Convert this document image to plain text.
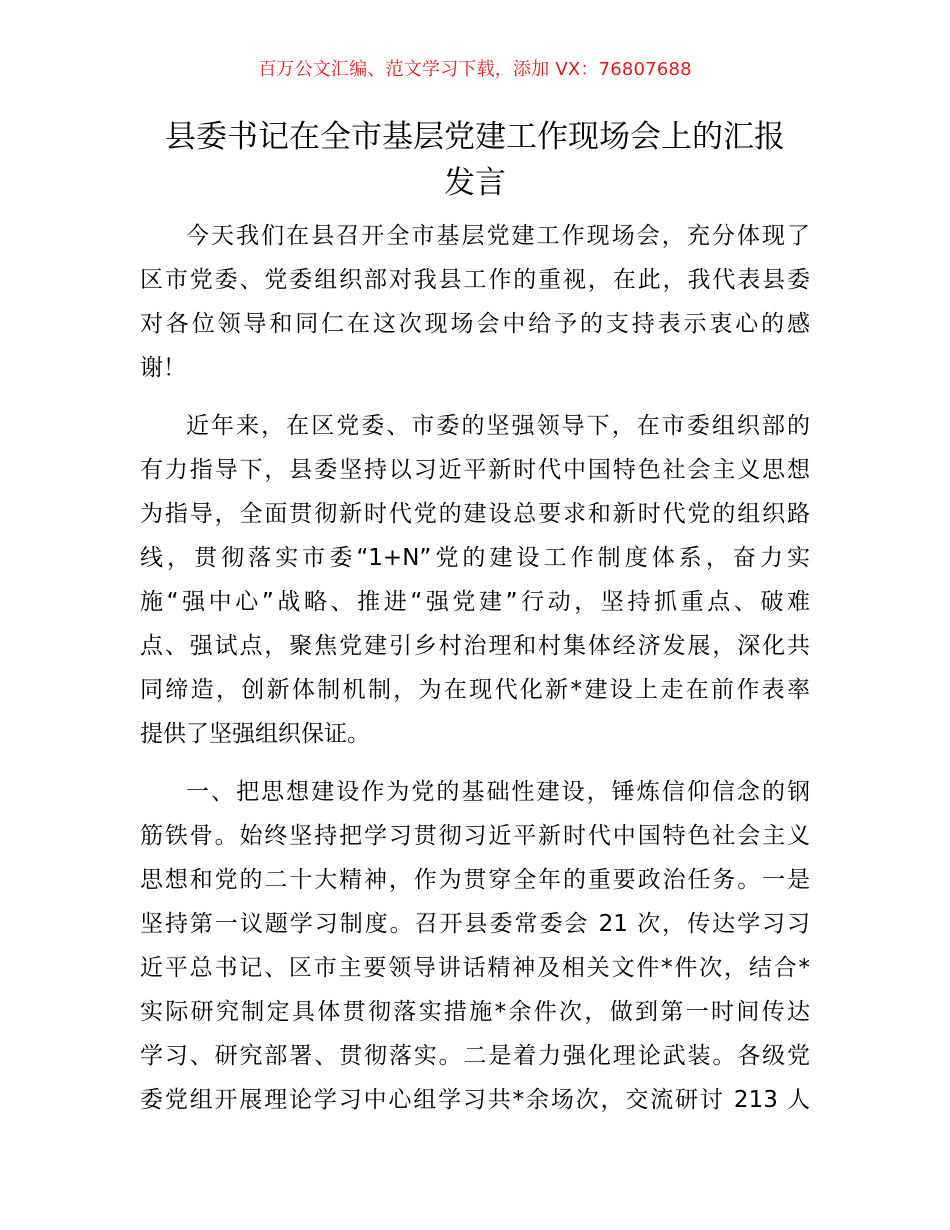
百万公文汇编、范文学习下载，添加 VX：76807688
县委书记在全市基层党建工作现场会上的汇报
发言

今天我们在县召开全市基层党建工作现场会，充分体现了
区市党委、党委组织部对我县工作的重视，在此，我代表县委
对各位领导和同仁在这次现场会中给予的支持表示衷心的感
谢！

近年来，在区党委、市委的坚强领导下，在市委组织部的
有力指导下，县委坚持以习近平新时代中国特色社会主义思想
为指导，全面贯彻新时代党的建设总要求和新时代党的组织路
线，贯彻落实市委“1+N”党的建设工作制度体系，奋力实
施“强中心”战略、推进“强党建”行动，坚持抓重点、破难
点、强试点，聚焦党建引乡村治理和村集体经济发展，深化共
同缔造，创新体制机制，为在现代化新*建设上走在前作表率
提供了坚强组织保证。

一、把思想建设作为党的基础性建设，锤炼信仰信念的钢
筋铁骨。始终坚持把学习贯彻习近平新时代中国特色社会主义
思想和党的二十大精神，作为贯穿全年的重要政治任务。一是
坚持第一议题学习制度。召开县委常委会 21 次，传达学习习
近平总书记、区市主要领导讲话精神及相关文件*件次，结合*
实际研究制定具体贯彻落实措施*余件次，做到第一时间传达
学习、研究部署、贯彻落实。二是着力强化理论武装。各级党
委党组开展理论学习中心组学习共*余场次，交流研讨 213 人
